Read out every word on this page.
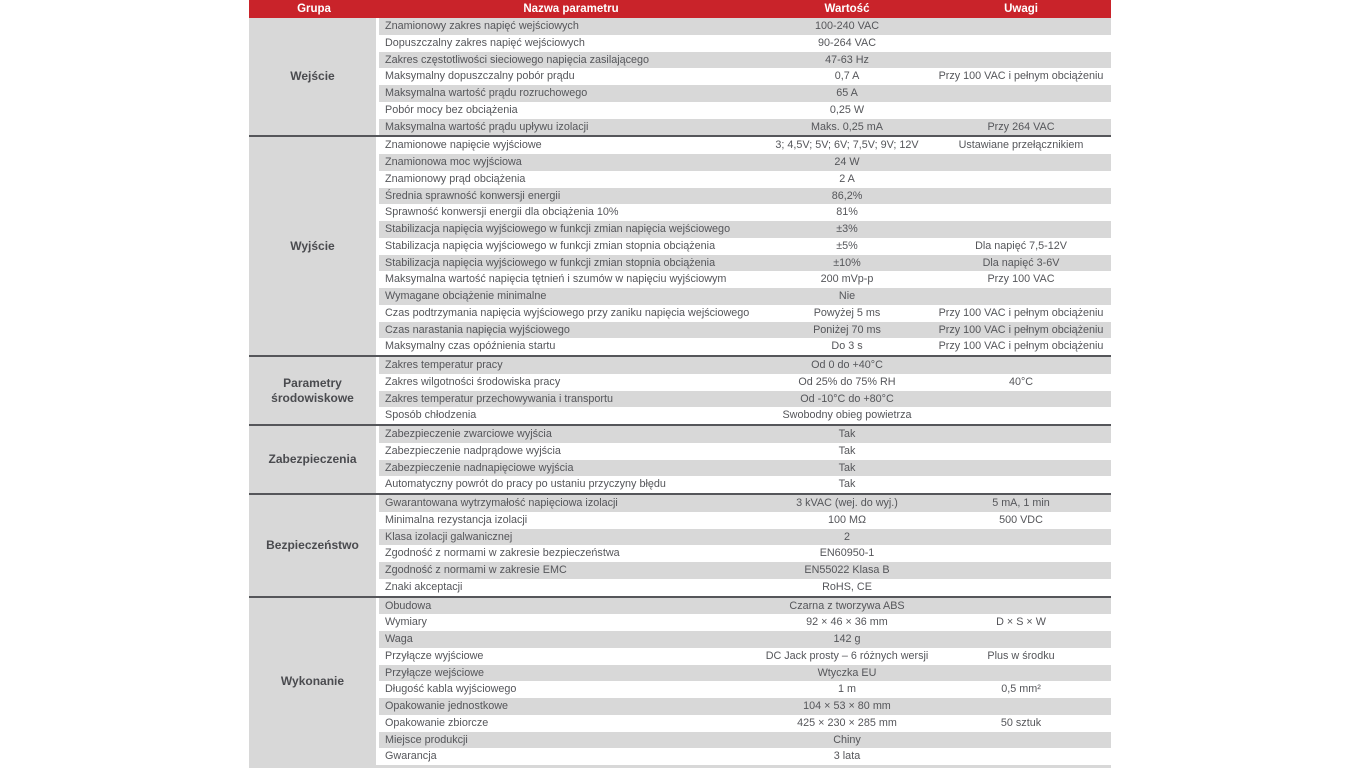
Grupa	Nazwa parametru	Wartość	Uwagi
Wejście
Znamionowy zakres napięć wejściowych	100-240 VAC
Dopuszczalny zakres napięć wejściowych	90-264 VAC
Zakres częstotliwości sieciowego napięcia zasilającego	47-63 Hz
Maksymalny dopuszczalny pobór prądu	0,7 A	Przy 100 VAC i pełnym obciążeniu
Maksymalna wartość prądu rozruchowego	65 A
Pobór mocy bez obciążenia	0,25 W
Maksymalna wartość prądu upływu izolacji	Maks. 0,25 mA	Przy 264 VAC
Wyjście
Znamionowe napięcie wyjściowe	3; 4,5V; 5V; 6V; 7,5V; 9V; 12V	Ustawiane przełącznikiem
Znamionowa moc wyjściowa	24 W
Znamionowy prąd obciążenia	2 A
Średnia sprawność konwersji energii	86,2%
Sprawność konwersji energii dla obciążenia 10%	81%
Stabilizacja napięcia wyjściowego w funkcji zmian napięcia wejściowego	±3%
Stabilizacja napięcia wyjściowego w funkcji zmian stopnia obciążenia	±5%	Dla napięć 7,5-12V
Stabilizacja napięcia wyjściowego w funkcji zmian stopnia obciążenia	±10%	Dla napięć 3-6V
Maksymalna wartość napięcia tętnień i szumów w napięciu wyjściowym	200 mVp-p	Przy 100 VAC
Wymagane obciążenie minimalne	Nie
Czas podtrzymania napięcia wyjściowego przy zaniku napięcia wejściowego	Powyżej 5 ms	Przy 100 VAC i pełnym obciążeniu
Czas narastania napięcia wyjściowego	Poniżej 70 ms	Przy 100 VAC i pełnym obciążeniu
Maksymalny czas opóźnienia startu	Do 3 s	Przy 100 VAC i pełnym obciążeniu
Parametry środowiskowe
Zakres temperatur pracy	Od 0 do +40°C
Zakres wilgotności środowiska pracy	Od 25% do 75% RH	40°C
Zakres temperatur przechowywania i transportu	Od -10°C do +80°C
Sposób chłodzenia	Swobodny obieg powietrza
Zabezpieczenia
Zabezpieczenie zwarciowe wyjścia	Tak
Zabezpieczenie nadprądowe wyjścia	Tak
Zabezpieczenie nadnapięciowe wyjścia	Tak
Automatyczny powrót do pracy po ustaniu przyczyny błędu	Tak
Bezpieczeństwo
Gwarantowana wytrzymałość napięciowa izolacji	3 kVAC (wej. do wyj.)	5 mA, 1 min
Minimalna rezystancja izolacji	100 MΩ	500 VDC
Klasa izolacji galwanicznej	2
Zgodność z normami w zakresie bezpieczeństwa	EN60950-1
Zgodność z normami w zakresie EMC	EN55022 Klasa B
Znaki akceptacji	RoHS, CE
Wykonanie
Obudowa	Czarna z tworzywa ABS
Wymiary	92 × 46 × 36 mm	D × S × W
Waga	142 g
Przyłącze wyjściowe	DC Jack prosty – 6 różnych wersji	Plus w środku
Przyłącze wejściowe	Wtyczka EU
Długość kabla wyjściowego	1 m	0,5 mm²
Opakowanie jednostkowe	104 × 53 × 80 mm
Opakowanie zbiorcze	425 × 230 × 285 mm	50 sztuk
Miejsce produkcji	Chiny
Gwarancja	3 lata
